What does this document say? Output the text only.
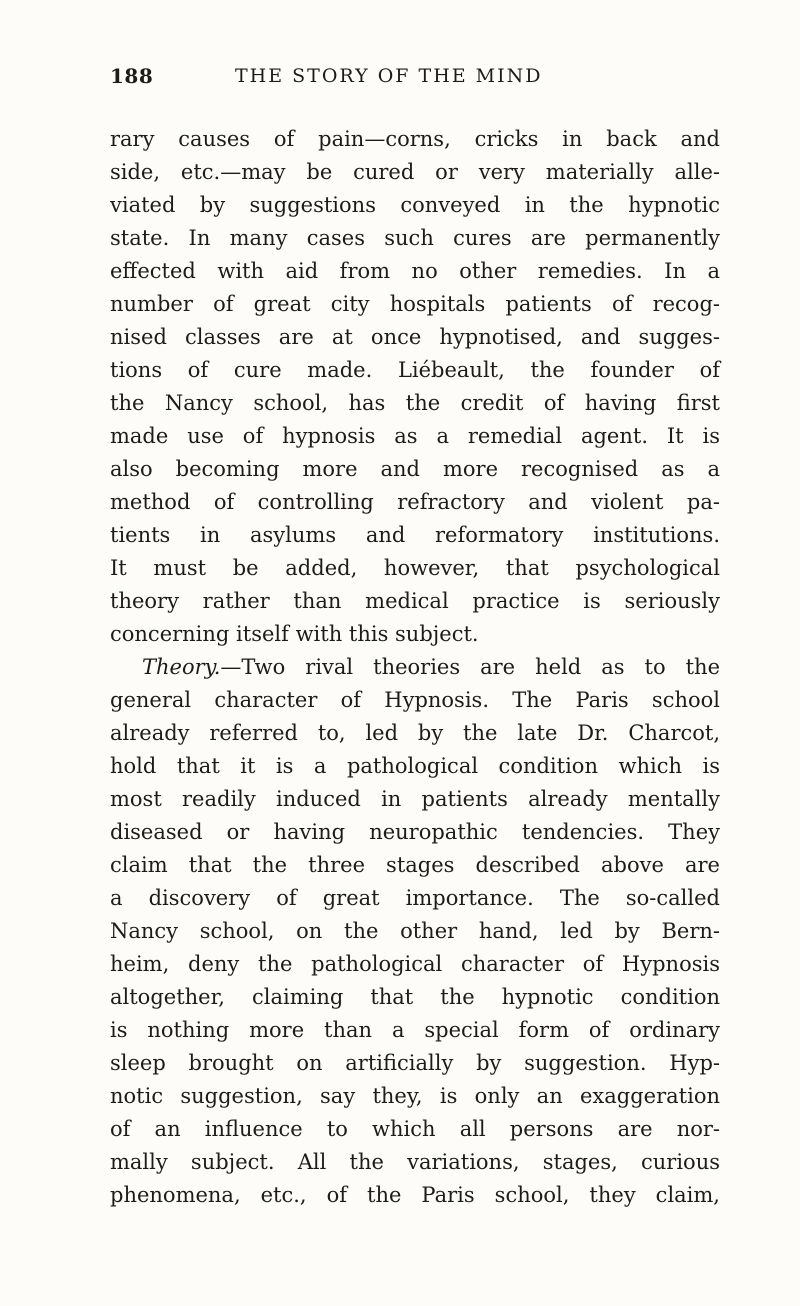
188	THE STORY OF THE MIND
rary causes of pain—corns, cricks in back and
side, etc.—may be cured or very materially alle-
viated by suggestions conveyed in the hypnotic
state. In many cases such cures are permanently
effected with aid from no other remedies. In a
number of great city hospitals patients of recog-
nised classes are at once hypnotised, and sugges-
tions of cure made. Liébeault, the founder of
the Nancy school, has the credit of having first
made use of hypnosis as a remedial agent. It is
also becoming more and more recognised as a
method of controlling refractory and violent pa-
tients in asylums and reformatory institutions.
It must be added, however, that psychological
theory rather than medical practice is seriously
concerning itself with this subject.
Theory.—Two rival theories are held as to the
general character of Hypnosis. The Paris school
already referred to, led by the late Dr. Charcot,
hold that it is a pathological condition which is
most readily induced in patients already mentally
diseased or having neuropathic tendencies. They
claim that the three stages described above are
a discovery of great importance. The so-called
Nancy school, on the other hand, led by Bern-
heim, deny the pathological character of Hypnosis
altogether, claiming that the hypnotic condition
is nothing more than a special form of ordinary
sleep brought on artificially by suggestion. Hyp-
notic suggestion, say they, is only an exaggeration
of an influence to which all persons are nor-
mally subject. All the variations, stages, curious
phenomena, etc., of the Paris school, they claim,
